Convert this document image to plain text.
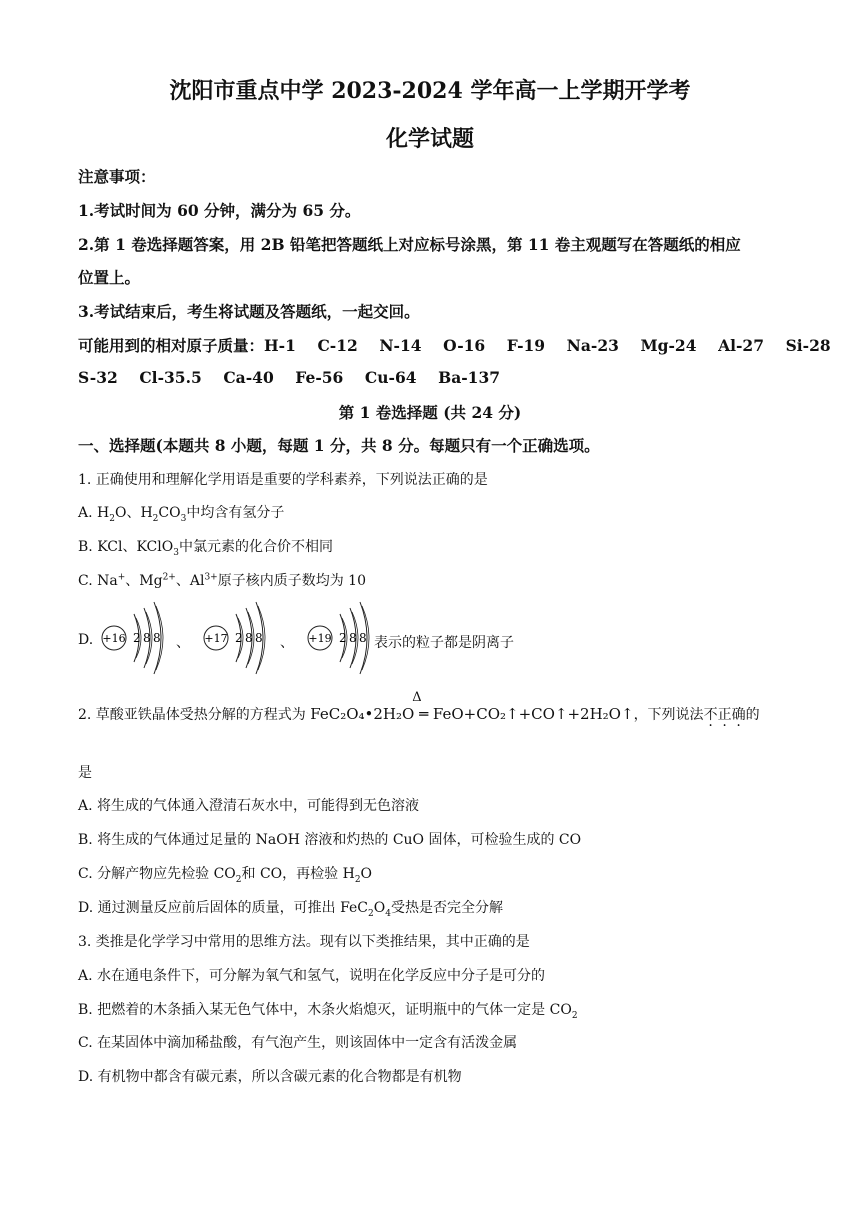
沈阳市重点中学 2023-2024 学年高一上学期开学考
化学试题
注意事项：
1.考试时间为 60 分钟，满分为 65 分。
2.第 1 卷选择题答案，用 2B 铅笔把答题纸上对应标号涂黑，第 11 卷主观题写在答题纸的相应
位置上。
3.考试结束后，考生将试题及答题纸，一起交回。
可能用到的相对原子质量：H-1    C-12    N-14    O-16    F-19    Na-23    Mg-24    Al-27    Si-28
S-32    Cl-35.5    Ca-40    Fe-56    Cu-64    Ba-137
第 1 卷选择题 (共 24 分)
一、选择题(本题共 8 小题，每题 1 分，共 8 分。每题只有一个正确选项。
1. 正确使用和理解化学用语是重要的学科素养，下列说法正确的是
A. $H_2O$、$H_2CO_3$中均含有氢分子
B. KCl、KClO$_3$中氯元素的化合价不相同
C. Na+、$Mg^{2+}$、$Al^{3+}$原子核内质子数均为 10
D. +16 2 8 8 、 +17 2 8 8 、 +19 2 8 8 表示的粒子都是阴离子
2. 草酸亚铁晶体受热分解的方程式为 FeC₂O₄•2H₂O ═ FeO+CO₂↑+CO↑+2H₂O↑
Δ
，下列说法不正确的
是
A. 将生成的气体通入澄清石灰水中，可能得到无色溶液
B. 将生成的气体通过足量的 NaOH 溶液和灼热的 CuO 固体，可检验生成的 CO
C. 分解产物应先检验 $CO_2$和 CO，再检验 $H_2O$
D. 通过测量反应前后固体的质量，可推出 $FeC_2O_4$受热是否完全分解
3. 类推是化学学习中常用的思维方法。现有以下类推结果，其中正确的是
A. 水在通电条件下，可分解为氧气和氢气，说明在化学反应中分子是可分的
B. 把燃着的木条插入某无色气体中，木条火焰熄灭，证明瓶中的气体一定是 $CO_2$
C. 在某固体中滴加稀盐酸，有气泡产生，则该固体中一定含有活泼金属
D. 有机物中都含有碳元素，所以含碳元素的化合物都是有机物
